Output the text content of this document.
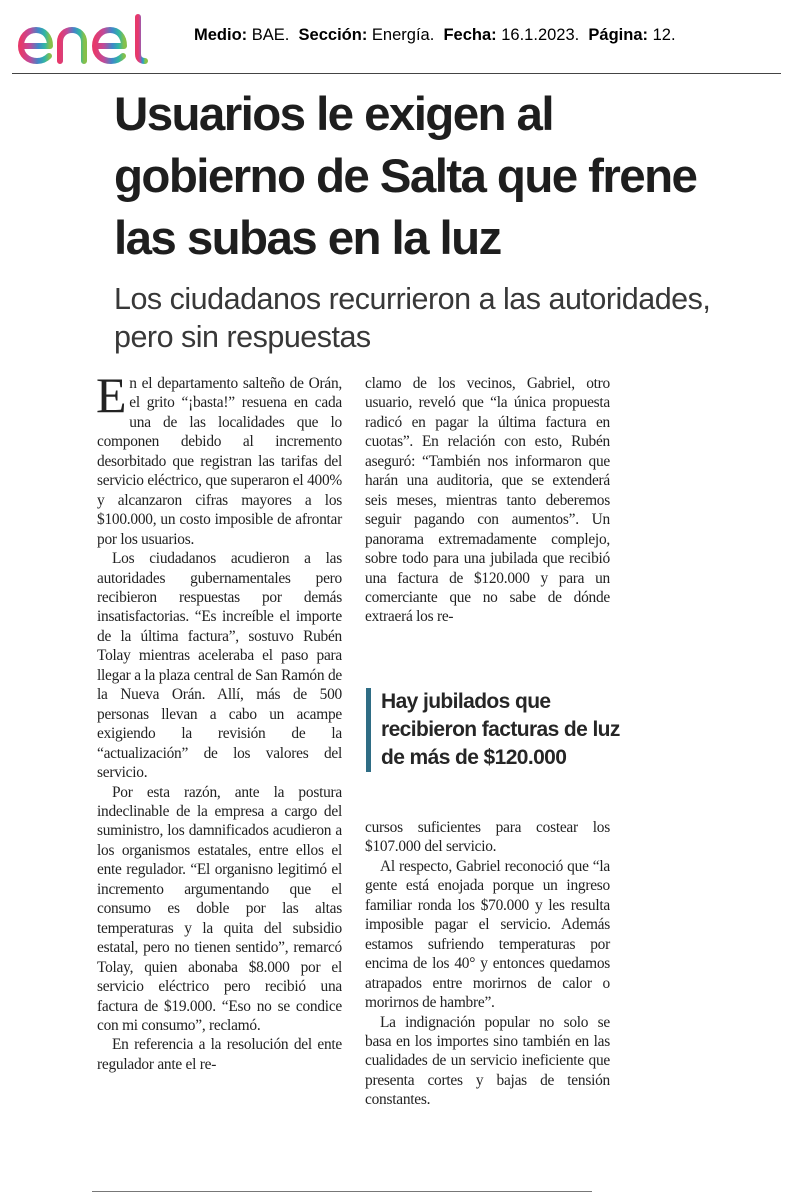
Medio: BAE. Sección: Energía. Fecha: 16.1.2023. Página: 12.
Usuarios le exigen al gobierno de Salta que frene las subas en la luz
Los ciudadanos recurrieron a las autoridades, pero sin respuestas

En el departamento salteño de Orán, el grito “¡basta!” resuena en cada una de las localidades que lo componen debido al incremento desorbitado que registran las tarifas del servicio eléctrico, que superaron el 400% y alcanzaron cifras mayores a los $100.000, un costo imposible de afrontar por los usuarios.

Los ciudadanos acudieron a las autoridades gubernamentales pero recibieron respuestas por demás insatisfactorias. “Es increíble el importe de la última factura”, sostuvo Rubén Tolay mientras aceleraba el paso para llegar a la plaza central de San Ramón de la Nueva Orán. Allí, más de 500 personas llevan a cabo un acampe exigiendo la revisión de la “actualización” de los valores del servicio.

Por esta razón, ante la postura indeclinable de la empresa a cargo del suministro, los damnificados acudieron a los organismos estatales, entre ellos el ente regulador. “El organisno legitimó el incremento argumentando que el consumo es doble por las altas temperaturas y la quita del subsidio estatal, pero no tienen sentido”, remarcó Tolay, quien abonaba $8.000 por el servicio eléctrico pero recibió una factura de $19.000. “Eso no se condice con mi consumo”, reclamó.

En referencia a la resolución del ente regulador ante el re-

clamo de los vecinos, Gabriel, otro usuario, reveló que “la única propuesta radicó en pagar la última factura en cuotas”. En relación con esto, Rubén aseguró: “También nos informaron que harán una auditoria, que se extenderá seis meses, mientras tanto deberemos seguir pagando con aumentos”. Un panorama extremadamente complejo, sobre todo para una jubilada que recibió una factura de $120.000 y para un comerciante que no sabe de dónde extraerá los re-

Hay jubilados que recibieron facturas de luz de más de $120.000

cursos suficientes para costear los $107.000 del servicio.

Al respecto, Gabriel reconoció que “la gente está enojada porque un ingreso familiar ronda los $70.000 y les resulta imposible pagar el servicio. Además estamos sufriendo temperaturas por encima de los 40° y entonces quedamos atrapados entre morirnos de calor o morirnos de hambre”.

La indignación popular no solo se basa en los importes sino también en las cualidades de un servicio ineficiente que presenta cortes y bajas de tensión constantes.
